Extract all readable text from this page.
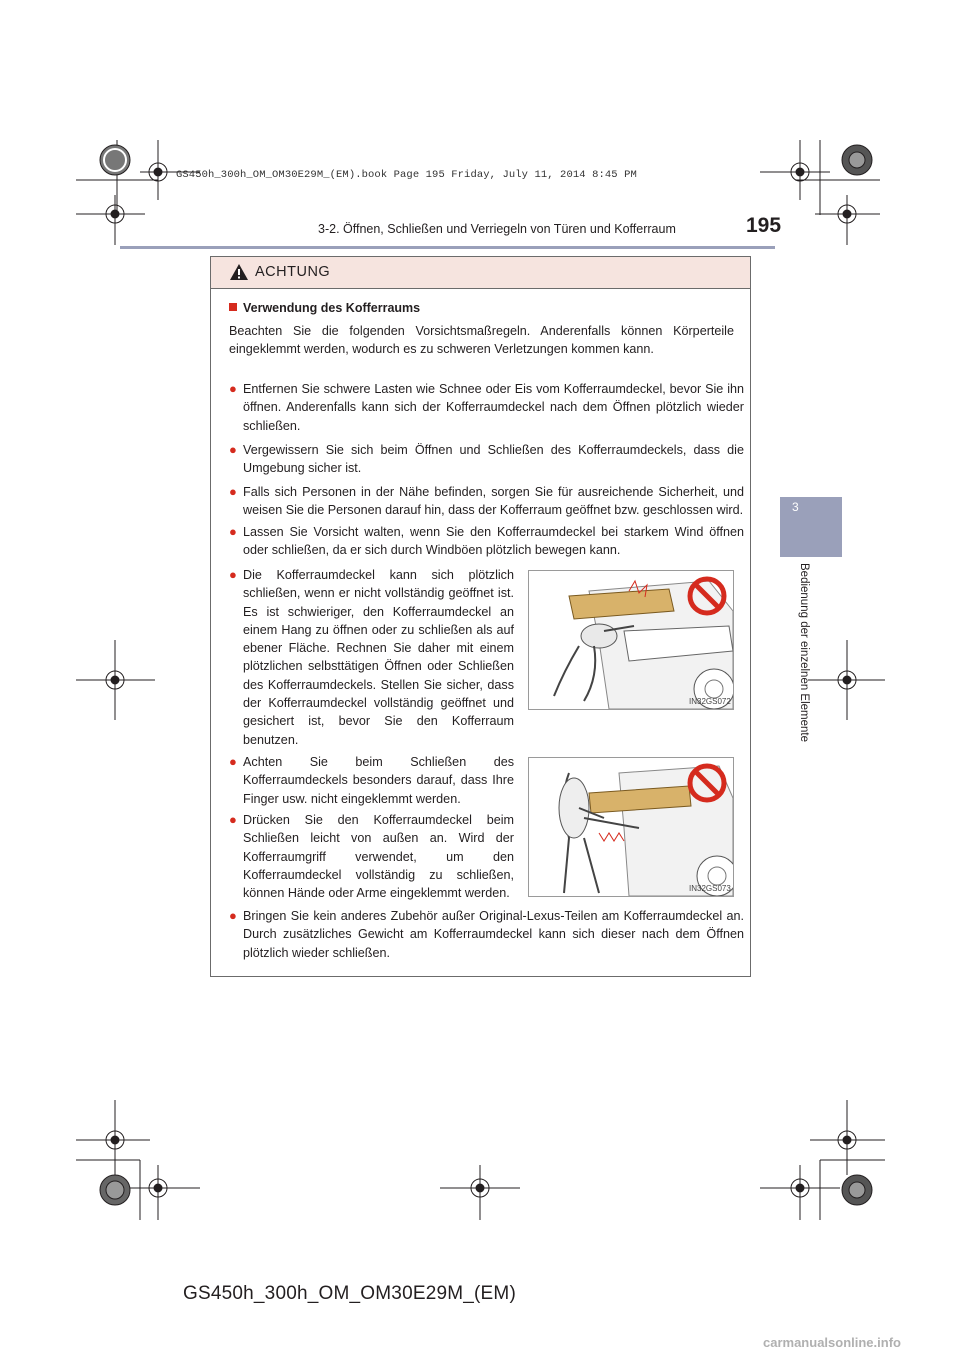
GS450h_300h_OM_OM30E29M_(EM).book Page 195 Friday, July 11, 2014 8:45 PM
3-2. Öffnen, Schließen und Verriegeln von Türen und Kofferraum	195
3
Bedienung der einzelnen Elemente
ACHTUNG
Verwendung des Kofferraums
Beachten Sie die folgenden Vorsichtsmaßregeln. Anderenfalls können Körperteile eingeklemmt werden, wodurch es zu schweren Verletzungen kommen kann.
● Entfernen Sie schwere Lasten wie Schnee oder Eis vom Kofferraumdeckel, bevor Sie ihn öffnen. Anderenfalls kann sich der Kofferraumdeckel nach dem Öffnen plötzlich wieder schließen.
● Vergewissern Sie sich beim Öffnen und Schließen des Kofferraumdeckels, dass die Umgebung sicher ist.
● Falls sich Personen in der Nähe befinden, sorgen Sie für ausreichende Sicherheit, und weisen Sie die Personen darauf hin, dass der Kofferraum geöffnet bzw. geschlossen wird.
● Lassen Sie Vorsicht walten, wenn Sie den Kofferraumdeckel bei starkem Wind öffnen oder schließen, da er sich durch Windböen plötzlich bewegen kann.
● Die Kofferraumdeckel kann sich plötzlich schließen, wenn er nicht vollständig geöffnet ist. Es ist schwieriger, den Kofferraumdeckel an einem Hang zu öffnen oder zu schließen als auf ebener Fläche. Rechnen Sie daher mit einem plötzlichen selbsttätigen Öffnen oder Schließen des Kofferraumdeckels. Stellen Sie sicher, dass der Kofferraumdeckel vollständig geöffnet und gesichert ist, bevor Sie den Kofferraum benutzen.
● Achten Sie beim Schließen des Kofferraumdeckels besonders darauf, dass Ihre Finger usw. nicht eingeklemmt werden.
● Drücken Sie den Kofferraumdeckel beim Schließen leicht von außen an. Wird der Kofferraumgriff verwendet, um den Kofferraumdeckel vollständig zu schließen, können Hände oder Arme eingeklemmt werden.
● Bringen Sie kein anderes Zubehör außer Original-Lexus-Teilen am Kofferraumdeckel an. Durch zusätzliches Gewicht am Kofferraumdeckel kann sich dieser nach dem Öffnen plötzlich wieder schließen.
IN32GS072
IN32GS073
GS450h_300h_OM_OM30E29M_(EM)
carmanualsonline.info
